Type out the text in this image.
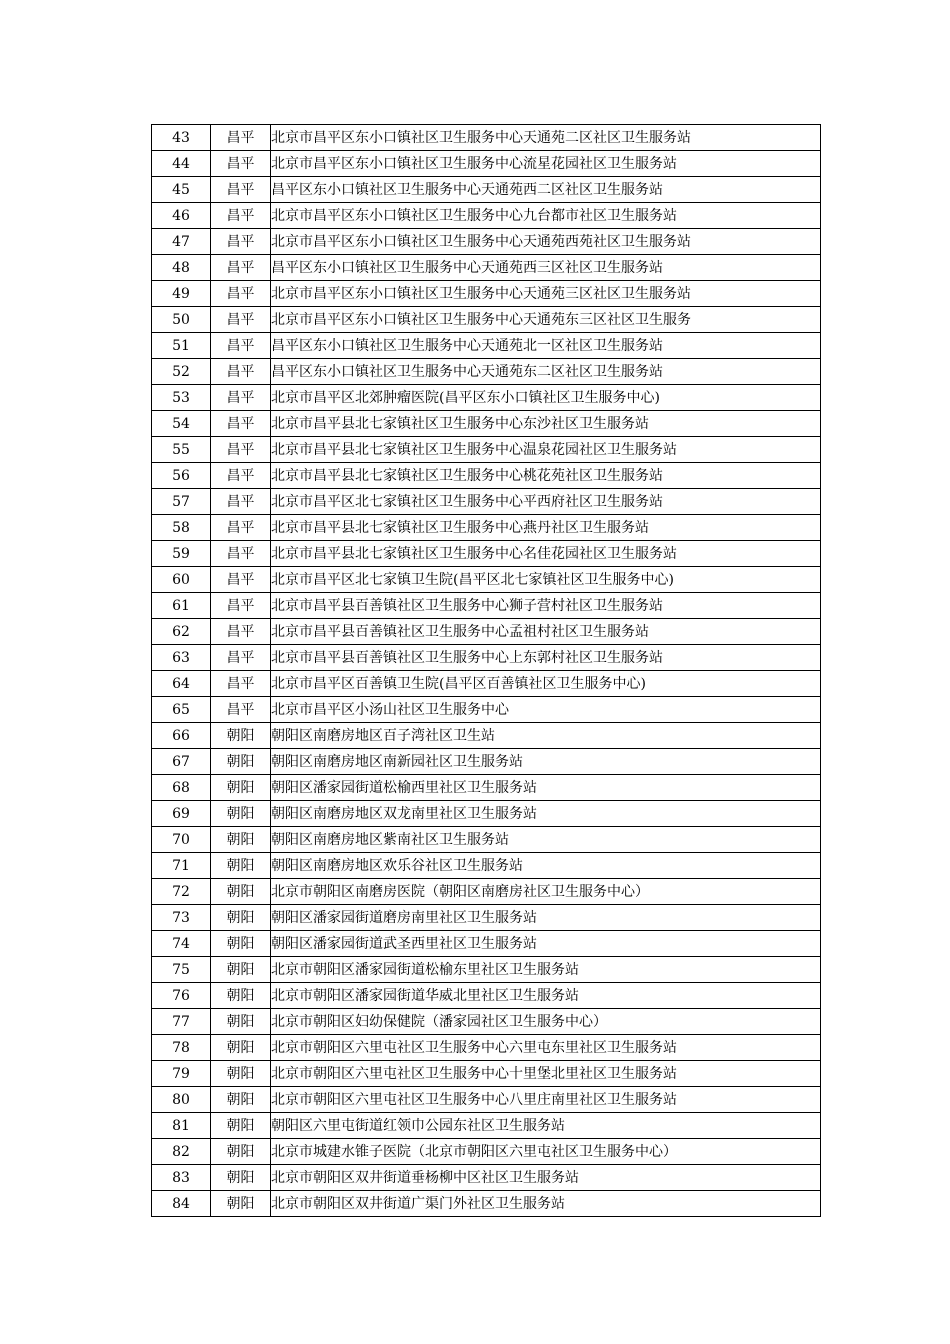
43	昌平	北京市昌平区东小口镇社区卫生服务中心天通苑二区社区卫生服务站
44	昌平	北京市昌平区东小口镇社区卫生服务中心流星花园社区卫生服务站
45	昌平	昌平区东小口镇社区卫生服务中心天通苑西二区社区卫生服务站
46	昌平	北京市昌平区东小口镇社区卫生服务中心九台都市社区卫生服务站
47	昌平	北京市昌平区东小口镇社区卫生服务中心天通苑西苑社区卫生服务站
48	昌平	昌平区东小口镇社区卫生服务中心天通苑西三区社区卫生服务站
49	昌平	北京市昌平区东小口镇社区卫生服务中心天通苑三区社区卫生服务站
50	昌平	北京市昌平区东小口镇社区卫生服务中心天通苑东三区社区卫生服务
51	昌平	昌平区东小口镇社区卫生服务中心天通苑北一区社区卫生服务站
52	昌平	昌平区东小口镇社区卫生服务中心天通苑东二区社区卫生服务站
53	昌平	北京市昌平区北郊肿瘤医院(昌平区东小口镇社区卫生服务中心)
54	昌平	北京市昌平县北七家镇社区卫生服务中心东沙社区卫生服务站
55	昌平	北京市昌平县北七家镇社区卫生服务中心温泉花园社区卫生服务站
56	昌平	北京市昌平县北七家镇社区卫生服务中心桃花苑社区卫生服务站
57	昌平	北京市昌平区北七家镇社区卫生服务中心平西府社区卫生服务站
58	昌平	北京市昌平县北七家镇社区卫生服务中心燕丹社区卫生服务站
59	昌平	北京市昌平县北七家镇社区卫生服务中心名佳花园社区卫生服务站
60	昌平	北京市昌平区北七家镇卫生院(昌平区北七家镇社区卫生服务中心)
61	昌平	北京市昌平县百善镇社区卫生服务中心狮子营村社区卫生服务站
62	昌平	北京市昌平县百善镇社区卫生服务中心孟祖村社区卫生服务站
63	昌平	北京市昌平县百善镇社区卫生服务中心上东郭村社区卫生服务站
64	昌平	北京市昌平区百善镇卫生院(昌平区百善镇社区卫生服务中心)
65	昌平	北京市昌平区小汤山社区卫生服务中心
66	朝阳	朝阳区南磨房地区百子湾社区卫生站
67	朝阳	朝阳区南磨房地区南新园社区卫生服务站
68	朝阳	朝阳区潘家园街道松榆西里社区卫生服务站
69	朝阳	朝阳区南磨房地区双龙南里社区卫生服务站
70	朝阳	朝阳区南磨房地区紫南社区卫生服务站
71	朝阳	朝阳区南磨房地区欢乐谷社区卫生服务站
72	朝阳	北京市朝阳区南磨房医院（朝阳区南磨房社区卫生服务中心）
73	朝阳	朝阳区潘家园街道磨房南里社区卫生服务站
74	朝阳	朝阳区潘家园街道武圣西里社区卫生服务站
75	朝阳	北京市朝阳区潘家园街道松榆东里社区卫生服务站
76	朝阳	北京市朝阳区潘家园街道华威北里社区卫生服务站
77	朝阳	北京市朝阳区妇幼保健院（潘家园社区卫生服务中心）
78	朝阳	北京市朝阳区六里屯社区卫生服务中心六里屯东里社区卫生服务站
79	朝阳	北京市朝阳区六里屯社区卫生服务中心十里堡北里社区卫生服务站
80	朝阳	北京市朝阳区六里屯社区卫生服务中心八里庄南里社区卫生服务站
81	朝阳	朝阳区六里屯街道红领巾公园东社区卫生服务站
82	朝阳	北京市城建水锥子医院（北京市朝阳区六里屯社区卫生服务中心）
83	朝阳	北京市朝阳区双井街道垂杨柳中区社区卫生服务站
84	朝阳	北京市朝阳区双井街道广渠门外社区卫生服务站
